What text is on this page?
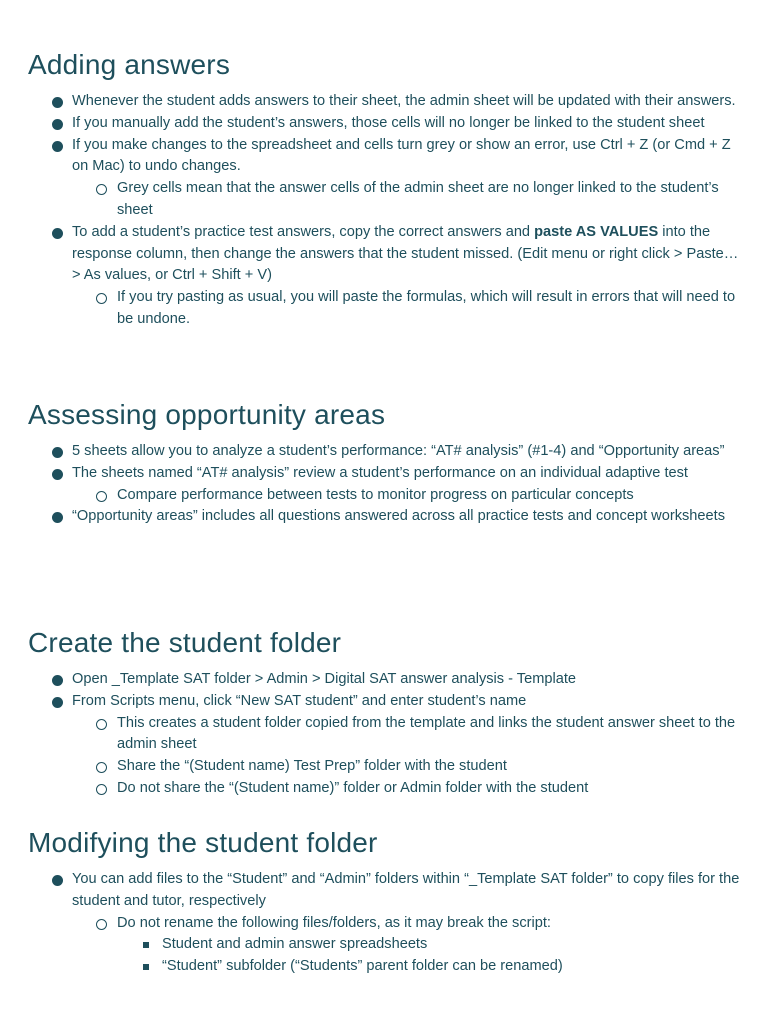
Adding answers
Whenever the student adds answers to their sheet, the admin sheet will be updated with their answers.
If you manually add the student’s answers, those cells will no longer be linked to the student sheet
If you make changes to the spreadsheet and cells turn grey or show an error, use Ctrl + Z (or Cmd + Z on Mac) to undo changes.
Grey cells mean that the answer cells of the admin sheet are no longer linked to the student’s sheet
To add a student’s practice test answers, copy the correct answers and paste AS VALUES into the response column, then change the answers that the student missed. (Edit menu or right click > Paste… > As values, or Ctrl + Shift + V)
If you try pasting as usual, you will paste the formulas, which will result in errors that will need to be undone.
Assessing opportunity areas
5 sheets allow you to analyze a student’s performance: “AT# analysis” (#1-4) and “Opportunity areas”
The sheets named “AT# analysis” review a student’s performance on an individual adaptive test
Compare performance between tests to monitor progress on particular concepts
“Opportunity areas” includes all questions answered across all practice tests and concept worksheets
Create the student folder
Open _Template SAT folder > Admin > Digital SAT answer analysis - Template
From Scripts menu, click “New SAT student” and enter student’s name
This creates a student folder copied from the template and links the student answer sheet to the admin sheet
Share the “(Student name) Test Prep” folder with the student
Do not share the “(Student name)” folder or Admin folder with the student
Modifying the student folder
You can add files to the “Student” and “Admin” folders within “_Template SAT folder” to copy files for the student and tutor, respectively
Do not rename the following files/folders, as it may break the script:
Student and admin answer spreadsheets
“Student” subfolder (“Students” parent folder can be renamed)
